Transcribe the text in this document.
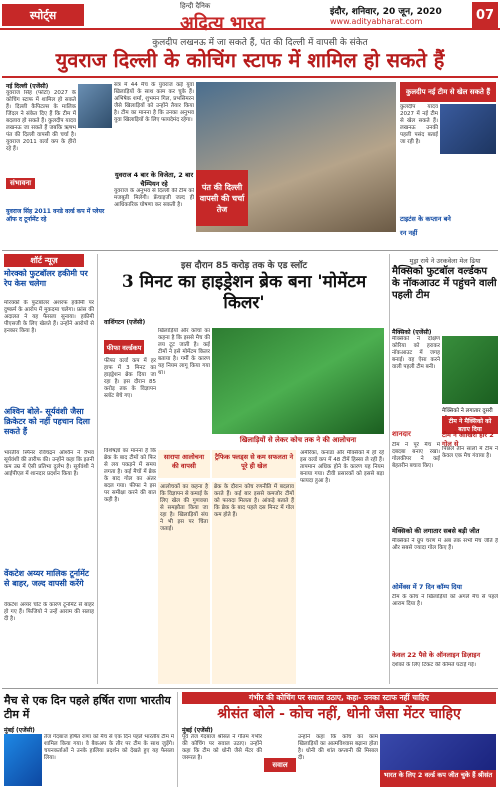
स्पोर्ट्स
हिन्दी दैनिक
अदित्य भारत
इंदौर, शनिवार, 20 जून, 2020
www.adityabharat.com	07
कुलदीप लखनऊ में जा सकते हैं, पंत की दिल्ली में वापसी के संकेत
युवराज दिल्ली के कोचिंग स्टाफ में शामिल हो सकते हैं
नई दिल्ली (एजेंसी)
युवराज सिंह (फोटो) 2027 के कोचिंग स्टाफ में शामिल हो सकते हैं। दिल्ली कैपिटल्स के मालिक जिंदल ने संकेत दिए हैं कि टीम में बदलाव हो सकते हैं। कुलदीप यादव लखनऊ जा सकते हैं जबकि ऋषभ पंत की दिल्ली वापसी की चर्चा है। युवराज 2011 वर्ल्ड कप के हीरो रहे हैं।
संभावना
युवराज सिंह 2011 वनडे वर्ल्ड कप में प्लेयर ऑफ द टूर्नामेंट रहे
सत्र में 44 मैच के युवराज कई युवा खिलाड़ियों के साथ काम कर चुके हैं। अभिषेक शर्मा, शुभमन गिल, प्रभसिमरन जैसे खिलाड़ियों को उन्होंने तैयार किया है। टीम का मानना है कि उनका अनुभव युवा खिलाड़ियों के लिए फायदेमंद रहेगा।
युवराज 4 बार के विजेता, 2 बार चैम्पियन रहे
युवराज के अनुभव से दिल्ली की टीम को मजबूती मिलेगी। फ्रेंचाइजी जल्द ही आधिकारिक घोषणा कर सकती है।
पंत की दिल्ली वापसी की चर्चा तेज
कुलदीप नई टीम से खेल सकते हैं
कुलदीप यादव 2027 में नई टीम से खेल सकते हैं। लखनऊ उनकी पहली पसंद बताई जा रही है।
टाइटंस के कप्तान बने
रन नहीं
शॉर्ट न्यूज़
मोरक्को फुटबॉलर हकीमी पर रेप केस चलेगा
मोरक्को के फुटबॉलर अशरफ हकीमी पर दुष्कर्म के आरोप में मुकदमा चलेगा। फ्रांस की अदालत ने यह फैसला सुनाया। हकीमी पीएसजी के लिए खेलते हैं। उन्होंने आरोपों से इनकार किया है।
अश्विन बोले- सूर्यवंशी जैसा क्रिकेटर को नहीं पहचान दिला सकते हैं
भारतीय स्पिनर रविचंद्रन अश्विन ने वैभव सूर्यवंशी की तारीफ की। उन्होंने कहा कि इतनी कम उम्र में ऐसी प्रतिभा दुर्लभ है। सूर्यवंशी ने आईपीएल में शानदार प्रदर्शन किया है।
वेंकटेश अय्यर मालिक टूर्नामेंट से बाहर, जल्द वापसी करेंगे
वेंकटेश अय्यर चोट के कारण टूर्नामेंट से बाहर हो गए हैं। फिजियो ने उन्हें आराम की सलाह दी है।
इस दौरान 85 करोड़ तक के एड स्लॉट
3 मिनट का हाइड्रेशन ब्रेक बना 'मोमेंटम किलर'
वाशिंगटन (एजेंसी)
फीफा वर्ल्डकप
फीफा वर्ल्ड कप में हर हाफ में 3 मिनट का हाइड्रेशन ब्रेक दिया जा रहा है। इस दौरान 85 करोड़ तक के विज्ञापन स्लॉट बेचे गए।
खिलाड़ियों और कोचों का कहना है कि इससे मैच की लय टूट जाती है। कई टीमों ने इसे मोमेंटम किलर बताया है। गर्मी के कारण यह नियम लागू किया गया था।
खिलाड़ियों से लेकर कोच तक ने की आलोचना
विशेषज्ञों का मानना है कि ब्रेक के बाद टीमों को फिर से लय पकड़ने में समय लगता है। कई मैचों में ब्रेक के बाद गोल का अंतर बदल गया। फीफा ने इस पर समीक्षा करने की बात कही है।
सारापा आलोचना की वापसी
आलोचकों का कहना है कि विज्ञापन से कमाई के लिए खेल की गुणवत्ता से समझौता किया जा रहा है। खिलाड़ियों संघ ने भी इस पर चिंता जताई।
ट्रैफिक फ्लड्स से कम सफलता ने पूरे ही खेल
ब्रेक के दौरान कोच रणनीति में बदलाव करते हैं। कई बार इससे कमजोर टीमों को फायदा मिलता है। आंकड़े बताते हैं कि ब्रेक के बाद पहले दस मिनट में गोल कम होते हैं।
अमेरिका, कनाडा और मैक्सिको में हो रहे इस वर्ल्ड कप में 48 टीमें हिस्सा ले रही हैं। तापमान अधिक होने के कारण यह नियम बनाया गया। टीवी प्रसारकों को इससे बड़ा फायदा हुआ है।
मुड्रा राये ने उरकवेला मेल ढिया
मैक्सिको फुटबॉल वर्ल्डकप के नॉकआउट में पहुंचने वाली पहली टीम
मैक्सिको (एजेंसी)
मैक्सिको ने दक्षिण कोरिया को हराकर नॉकआउट में जगह बनाई। वह ऐसा करने वाली पहली टीम बनी।
मैक्सिको ने लगातार दूसरी
टीम ने मैक्सिको को बताए दिया
शानदार
टीम ने पूरे मैच में दबदबा बनाए रखा। गोलकीपर ने कई बेहतरीन बचाव किए।
टीम ने आखिरी हार 2 गोल से
पिछले तीन सालों में टीम ने केवल एक मैच गंवाया है।
मेक्सिको की लगातार सबसे बड़ी जीत
मैक्सिको ने ग्रुप चरण में अब तक सभी मैच जीते हैं और सबसे ज्यादा गोल किए हैं।
ओर्मेक्स में 7 दिन कॉम्प दिया
टीम के कोच ने खिलाड़ियों को अगले मैच से पहले आराम दिया है।
केवल 22 पैसे के ऑनलाइन डिज़ाइन
दर्शकों के लिए टिकट की कीमतें घटाई गईं।
मैच से एक दिन पहले हर्षित राणा भारतीय टीम में
मुंबई (एजेंसी)
तेज गेंदबाज हर्षित राणा को मैच से एक दिन पहले भारतीय टीम में शामिल किया गया। वे बैकअप के तौर पर टीम के साथ जुड़ेंगे। चयनकर्ताओं ने उनके हालिया प्रदर्शन को देखते हुए यह फैसला लिया।
गंभीर की कोचिंग पर सवाल उठाए, कहा- उनका स्टाफ नहीं चाहिए
श्रीसंत बोले - कोच नहीं, धोनी जैसा मेंटर चाहिए
मुंबई (एजेंसी)
पूर्व तेज गेंदबाज श्रीसंत ने गौतम गंभीर की कोचिंग पर सवाल उठाए। उन्होंने कहा कि टीम को धोनी जैसे मेंटर की जरूरत है।
सवाल
उन्होंने कहा कि कोच का काम खिलाड़ियों का आत्मविश्वास बढ़ाना होता है। धोनी की शांत कप्तानी की मिसाल दी।
भारत के लिए 2 वर्ल्ड कप जीत चुके हैं श्रीसंत
